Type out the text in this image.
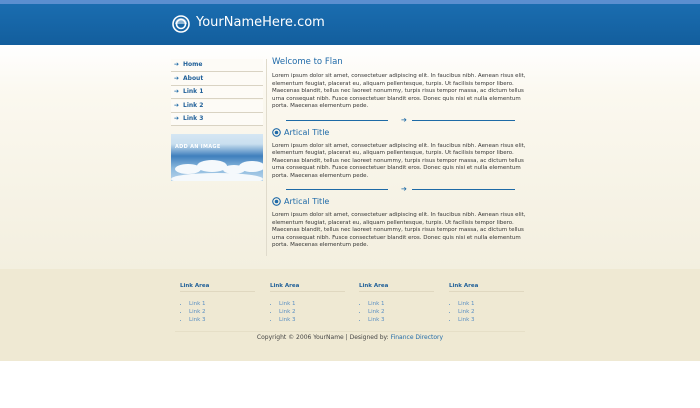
YourNameHere.com
➔ Home
➔ About
➔ Link 1
➔ Link 2
➔ Link 3
ADD AN IMAGE
Welcome to Flan

Lorem ipsum dolor sit amet, consectetuer adipiscing elit. In faucibus nibh. Aenean risus elit, elementum feugiat, placerat eu, aliquam pellentesque, turpis. Ut facilisis tempor libero. Maecenas blandit, tellus nec laoreet nonummy, turpis risus tempor massa, ac dictum tellus urna consequat nibh. Fusce consectetuer blandit eros. Donec quis nisi et nulla elementum porta. Maecenas elementum pede.

➔
Artical Title

Lorem ipsum dolor sit amet, consectetuer adipiscing elit. In faucibus nibh. Aenean risus elit, elementum feugiat, placerat eu, aliquam pellentesque, turpis. Ut facilisis tempor libero. Maecenas blandit, tellus nec laoreet nonummy, turpis risus tempor massa, ac dictum tellus urna consequat nibh. Fusce consectetuer blandit eros. Donec quis nisi et nulla elementum porta. Maecenas elementum pede.

➔
Artical Title

Lorem ipsum dolor sit amet, consectetuer adipiscing elit. In faucibus nibh. Aenean risus elit, elementum feugiat, placerat eu, aliquam pellentesque, turpis. Ut facilisis tempor libero. Maecenas blandit, tellus nec laoreet nonummy, turpis risus tempor massa, ac dictum tellus urna consequat nibh. Fusce consectetuer blandit eros. Donec quis nisi et nulla elementum porta. Maecenas elementum pede.

Link Area
• Link 1
• Link 2
• Link 3
Link Area
• Link 1
• Link 2
• Link 3
Link Area
• Link 1
• Link 2
• Link 3
Link Area
• Link 1
• Link 2
• Link 3
Copyright © 2006 YourName | Designed by: Finance Directory
